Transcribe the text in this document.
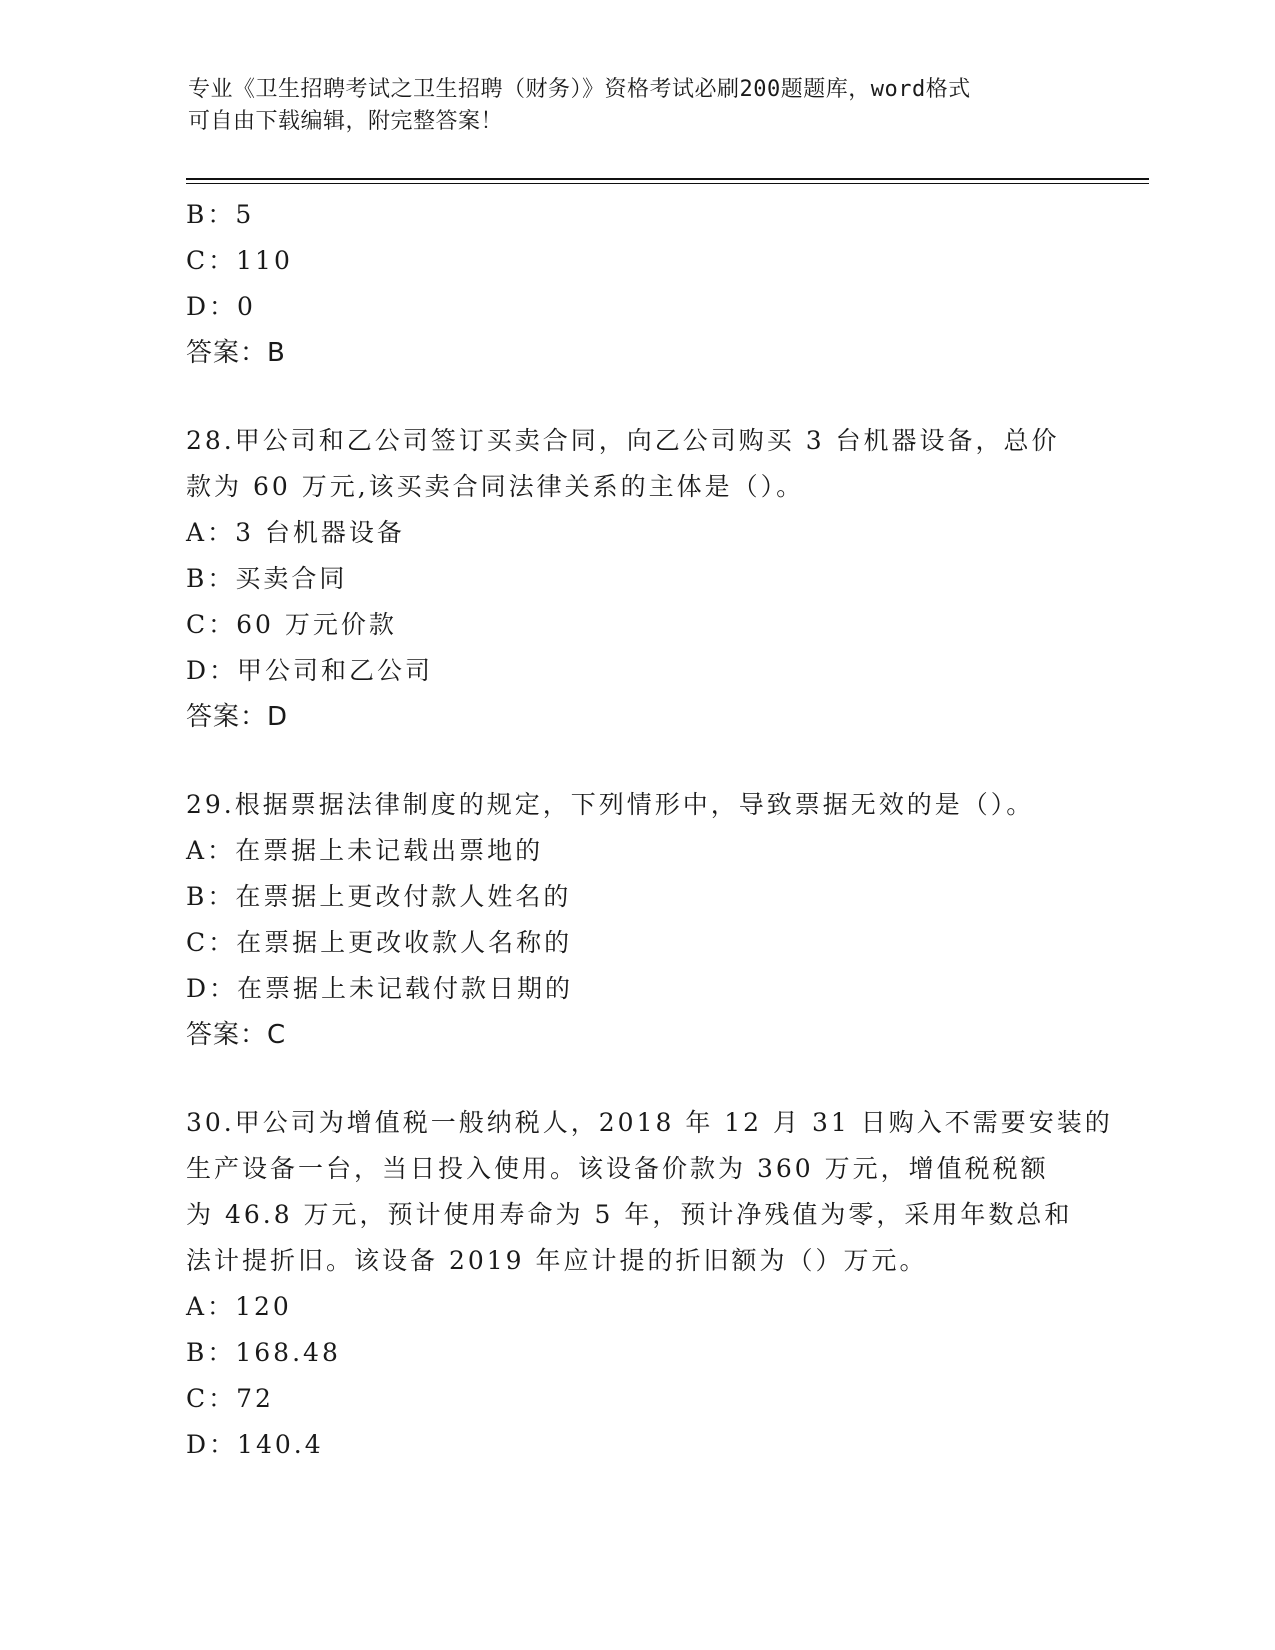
专业《卫生招聘考试之卫生招聘（财务）》资格考试必刷200题题库，word格式
可自由下载编辑，附完整答案！
B：5
C：110
D：0
答案：B
28.甲公司和乙公司签订买卖合同，向乙公司购买 3 台机器设备，总价
款为 60 万元,该买卖合同法律关系的主体是（）。
A：3 台机器设备
B：买卖合同
C：60 万元价款
D：甲公司和乙公司
答案：D
29.根据票据法律制度的规定，下列情形中，导致票据无效的是（）。
A：在票据上未记载出票地的
B：在票据上更改付款人姓名的
C：在票据上更改收款人名称的
D：在票据上未记载付款日期的
答案：C
30.甲公司为增值税一般纳税人，2018 年 12 月 31 日购入不需要安装的
生产设备一台，当日投入使用。该设备价款为 360 万元，增值税税额
为 46.8 万元，预计使用寿命为 5 年，预计净残值为零，采用年数总和
法计提折旧。该设备 2019 年应计提的折旧额为（）万元。
A：120
B：168.48
C：72
D：140.4
